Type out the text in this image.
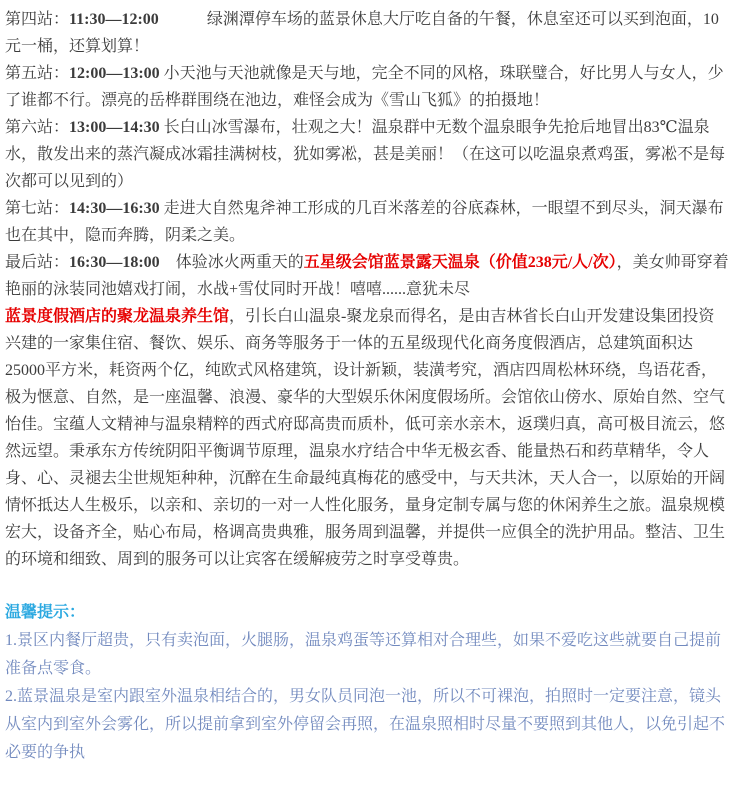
第四站：11:30—12:00　　　	绿渊潭停车场的蓝景休息大厅吃自备的午餐，休息室还可以买到泡面，10元一桶，还算划算！

第五站：12:00—13:00 小天池与天池就像是天与地，完全不同的风格，珠联璧合，好比男人与女人，少了谁都不行。漂亮的岳桦群围绕在池边，难怪会成为《雪山飞狐》的拍摄地！

第六站：13:00—14:30 长白山冰雪瀑布，壮观之大！温泉群中无数个温泉眼争先抢后地冒出83℃温泉水，散发出来的蒸汽凝成冰霜挂满树枝，犹如雾凇，甚是美丽！（在这可以吃温泉煮鸡蛋，雾凇不是每次都可以见到的）

第七站：14:30—16:30 走进大自然鬼斧神工形成的几百米落差的谷底森林，一眼望不到尽头，洞天瀑布也在其中，隐而奔腾，阴柔之美。

最后站：16:30—18:00　 体验冰火两重天的五星级会馆蓝景露天温泉（价值238元/人/次），美女帅哥穿着艳丽的泳装同池嬉戏打闹，水战+雪仗同时开战！嘻嘻......意犹未尽

蓝景度假酒店的聚龙温泉养生馆，引长白山温泉-聚龙泉而得名，是由吉林省长白山开发建设集团投资兴建的一家集住宿、餐饮、娱乐、商务等服务于一体的五星级现代化商务度假酒店，总建筑面积达25000平方米，耗资两个亿，纯欧式风格建筑，设计新颖，装潢考究，酒店四周松林环绕，鸟语花香，极为惬意、自然，是一座温馨、浪漫、豪华的大型娱乐休闲度假场所。会馆依山傍水、原始自然、空气怡佳。宝蕴人文精神与温泉精粹的西式府邸高贵而质朴，低可亲水亲木，返璞归真，高可极目流云，悠然远望。秉承东方传统阴阳平衡调节原理，温泉水疗结合中华无极玄香、能量热石和药草精华，令人身、心、灵褪去尘世规矩种种，沉醉在生命最纯真梅花的感受中，与天共沐，天人合一，以原始的开阔情怀抵达人生极乐，以亲和、亲切的一对一人性化服务，量身定制专属与您的休闲养生之旅。温泉规模宏大，设备齐全，贴心布局，格调高贵典雅，服务周到温馨，并提供一应俱全的洗护用品。整洁、卫生的环境和细致、周到的服务可以让宾客在缓解疲劳之时享受尊贵。

温馨提示：

1.景区内餐厅超贵，只有卖泡面，火腿肠，温泉鸡蛋等还算相对合理些，如果不爱吃这些就要自己提前准备点零食。

2.蓝景温泉是室内跟室外温泉相结合的，男女队员同泡一池，所以不可裸泡，拍照时一定要注意，镜头从室内到室外会雾化，所以提前拿到室外停留会再照，在温泉照相时尽量不要照到其他人，以免引起不必要的争执
